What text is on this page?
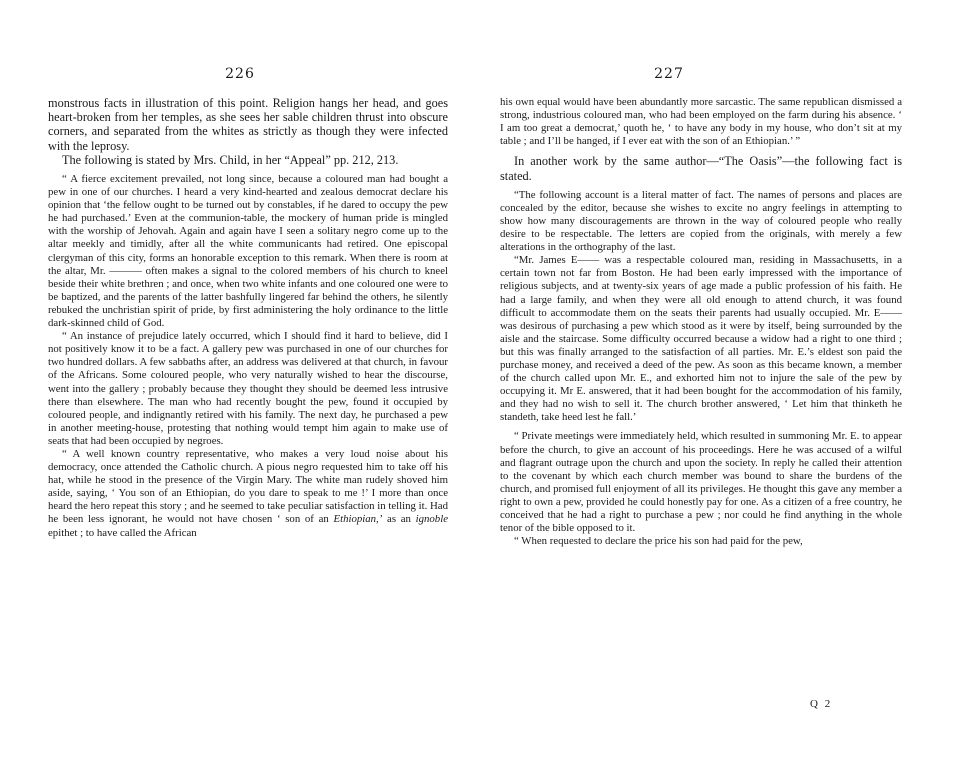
226

monstrous facts in illustration of this point. Religion hangs her head, and goes heart-broken from her temples, as she sees her sable children thrust into obscure corners, and separated from the whites as strictly as though they were infected with the leprosy.

The following is stated by Mrs. Child, in her “Appeal” pp. 212, 213.

“ A fierce excitement prevailed, not long since, because a coloured man had bought a pew in one of our churches. I heard a very kind-hearted and zealous democrat declare his opinion that ‘the fellow ought to be turned out by constables, if he dared to occupy the pew he had purchased.’ Even at the communion-table, the mockery of human pride is mingled with the worship of Jehovah. Again and again have I seen a solitary negro come up to the altar meekly and timidly, after all the white communicants had retired. One episcopal clergyman of this city, forms an honorable exception to this remark. When there is room at the altar, Mr. ——— often makes a signal to the colored members of his church to kneel beside their white brethren ; and once, when two white infants and one coloured one were to be baptized, and the parents of the latter bashfully lingered far behind the others, he silently rebuked the unchristian spirit of pride, by first administering the holy ordinance to the little dark-skinned child of God.

“ An instance of prejudice lately occurred, which I should find it hard to believe, did I not positively know it to be a fact. A gallery pew was purchased in one of our churches for two hundred dollars. A few sabbaths after, an address was delivered at that church, in favour of the Africans. Some coloured people, who very naturally wished to hear the discourse, went into the gallery ; probably because they thought they should be deemed less intrusive there than elsewhere. The man who had recently bought the pew, found it occupied by coloured people, and indignantly retired with his family. The next day, he purchased a pew in another meeting-house, protesting that nothing would tempt him again to make use of seats that had been occupied by negroes.

“ A well known country representative, who makes a very loud noise about his democracy, once attended the Catholic church. A pious negro requested him to take off his hat, while he stood in the presence of the Virgin Mary. The white man rudely shoved him aside, saying, ‘ You son of an Ethiopian, do you dare to speak to me !’ I more than once heard the hero repeat this story ; and he seemed to take peculiar satisfaction in telling it. Had he been less ignorant, he would not have chosen ‘ son of an Ethiopian,’ as an ignoble epithet ; to have called the African

227

his own equal would have been abundantly more sarcastic. The same republican dismissed a strong, industrious coloured man, who had been employed on the farm during his absence. ‘ I am too great a democrat,’ quoth he, ‘ to have any body in my house, who don’t sit at my table ; and I’ll be hanged, if I ever eat with the son of an Ethiopian.’ ”

In another work by the same author—“The Oasis”—the following fact is stated.

“The following account is a literal matter of fact. The names of persons and places are concealed by the editor, because she wishes to excite no angry feelings in attempting to show how many discouragements are thrown in the way of coloured people who really desire to be respectable. The letters are copied from the originals, with merely a few alterations in the orthography of the last.

“Mr. James E—— was a respectable coloured man, residing in Massachusetts, in a certain town not far from Boston. He had been early impressed with the importance of religious subjects, and at twenty-six years of age made a public profession of his faith. He had a large family, and when they were all old enough to attend church, it was found difficult to accommodate them on the seats their parents had usually occupied. Mr. E—— was desirous of purchasing a pew which stood as it were by itself, being surrounded by the aisle and the staircase. Some difficulty occurred because a widow had a right to one third ; but this was finally arranged to the satisfaction of all parties. Mr. E.’s eldest son paid the purchase money, and received a deed of the pew. As soon as this became known, a member of the church called upon Mr. E., and exhorted him not to injure the sale of the pew by occupying it. Mr E. answered, that it had been bought for the accommodation of his family, and they had no wish to sell it. The church brother answered, ‘ Let him that thinketh he standeth, take heed lest he fall.’

“ Private meetings were immediately held, which resulted in summoning Mr. E. to appear before the church, to give an account of his proceedings. Here he was accused of a wilful and flagrant outrage upon the church and upon the society. In reply he called their attention to the covenant by which each church member was bound to share the burdens of the church, and promised full enjoyment of all its privileges. He thought this gave any member a right to own a pew, provided he could honestly pay for one. As a citizen of a free country, he conceived that he had a right to purchase a pew ; nor could he find anything in the whole tenor of the bible opposed to it.

“ When requested to declare the price his son had paid for the pew,

Q 2
